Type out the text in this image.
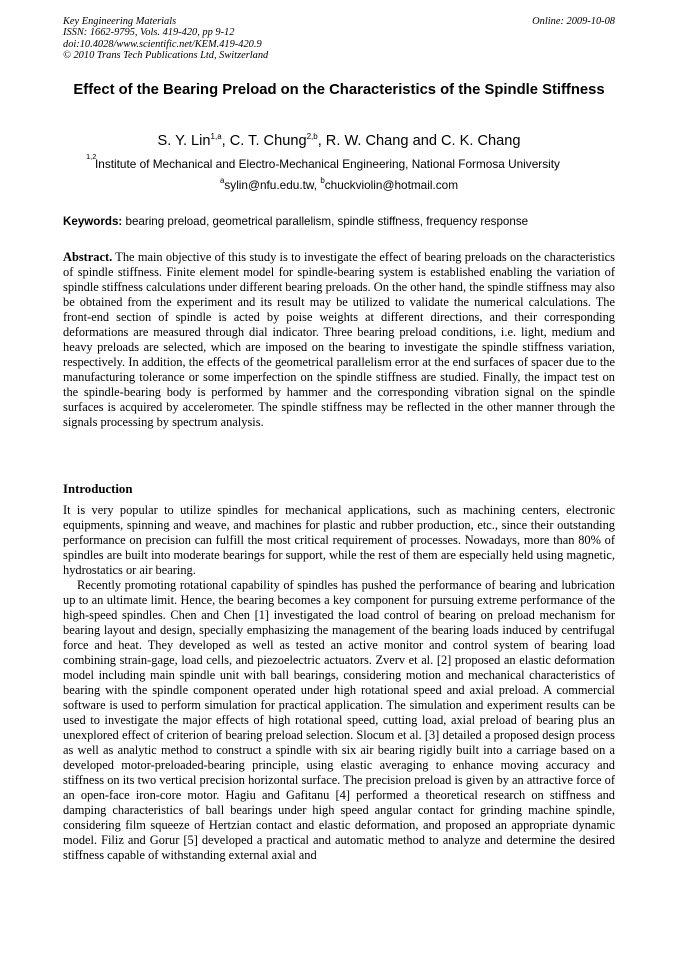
Key Engineering Materials
ISSN: 1662-9795, Vols. 419-420, pp 9-12
doi:10.4028/www.scientific.net/KEM.419-420.9
© 2010 Trans Tech Publications Ltd, Switzerland
Online: 2009-10-08
Effect of the Bearing Preload on the Characteristics of the Spindle Stiffness
S. Y. Lin$^{1,a}$, C. T. Chung$^{2,b}$, R. W. Chang and C. K. Chang
1,2
Institute of Mechanical and Electro-Mechanical Engineering, National Formosa University
$^a$sylin@nfu.edu.tw, $^b$chuckviolin@hotmail.com
Keywords: bearing preload, geometrical parallelism, spindle stiffness, frequency response
Abstract. The main objective of this study is to investigate the effect of bearing preloads on the characteristics of spindle stiffness. Finite element model for spindle-bearing system is established enabling the variation of spindle stiffness calculations under different bearing preloads. On the other hand, the spindle stiffness may also be obtained from the experiment and its result may be utilized to validate the numerical calculations. The front-end section of spindle is acted by poise weights at different directions, and their corresponding deformations are measured through dial indicator. Three bearing preload conditions, i.e. light, medium and heavy preloads are selected, which are imposed on the bearing to investigate the spindle stiffness variation, respectively. In addition, the effects of the geometrical parallelism error at the end surfaces of spacer due to the manufacturing tolerance or some imperfection on the spindle stiffness are studied. Finally, the impact test on the spindle-bearing body is performed by hammer and the corresponding vibration signal on the spindle surfaces is acquired by accelerometer. The spindle stiffness may be reflected in the other manner through the signals processing by spectrum analysis.
Introduction

It is very popular to utilize spindles for mechanical applications, such as machining centers, electronic equipments, spinning and weave, and machines for plastic and rubber production, etc., since their outstanding performance on precision can fulfill the most critical requirement of processes. Nowadays, more than 80% of spindles are built into moderate bearings for support, while the rest of them are especially held using magnetic, hydrostatics or air bearing.

Recently promoting rotational capability of spindles has pushed the performance of bearing and lubrication up to an ultimate limit. Hence, the bearing becomes a key component for pursuing extreme performance of the high-speed spindles. Chen and Chen [1] investigated the load control of bearing on preload mechanism for bearing layout and design, specially emphasizing the management of the bearing loads induced by centrifugal force and heat. They developed as well as tested an active monitor and control system of bearing load combining strain-gage, load cells, and piezoelectric actuators. Zverv et al. [2] proposed an elastic deformation model including main spindle unit with ball bearings, considering motion and mechanical characteristics of bearing with the spindle component operated under high rotational speed and axial preload. A commercial software is used to perform simulation for practical application. The simulation and experiment results can be used to investigate the major effects of high rotational speed, cutting load, axial preload of bearing plus an unexplored effect of criterion of bearing preload selection. Slocum et al. [3] detailed a proposed design process as well as analytic method to construct a spindle with six air bearing rigidly built into a carriage based on a developed motor-preloaded-bearing principle, using elastic averaging to enhance moving accuracy and stiffness on its two vertical precision horizontal surface. The precision preload is given by an attractive force of an open-face iron-core motor. Hagiu and Gafitanu [4] performed a theoretical research on stiffness and damping characteristics of ball bearings under high speed angular contact for grinding machine spindle, considering film squeeze of Hertzian contact and elastic deformation, and proposed an appropriate dynamic model. Filiz and Gorur [5] developed a practical and automatic method to analyze and determine the desired stiffness capable of withstanding external axial and
